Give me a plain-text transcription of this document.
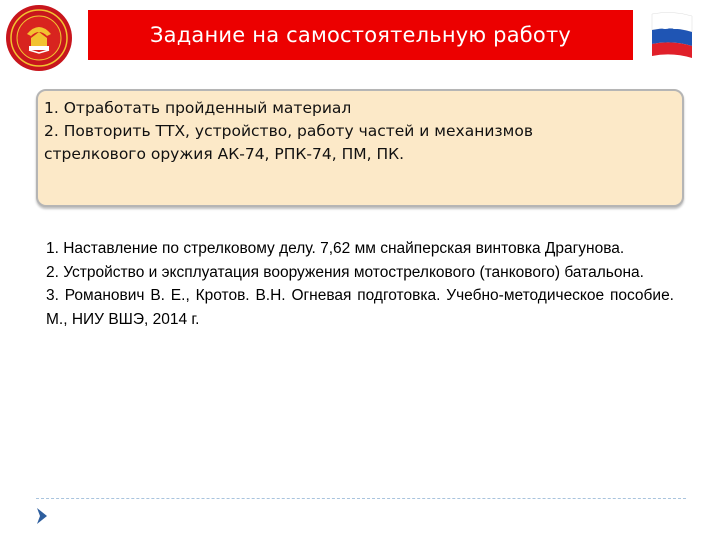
Задание на самостоятельную работу	32
1. Отработать пройденный материал
2. Повторить ТТХ, устройство, работу частей и механизмов
стрелкового оружия АК-74, РПК-74, ПМ, ПК.

1. Наставление по стрелковому делу. 7,62 мм снайперская винтовка Драгунова.

2. Устройство и эксплуатация вооружения мотострелкового (танкового) батальона.

3. Романович В. Е., Кротов. В.Н. Огневая подготовка. Учебно-методическое пособие. М., НИУ ВШЭ, 2014 г.
